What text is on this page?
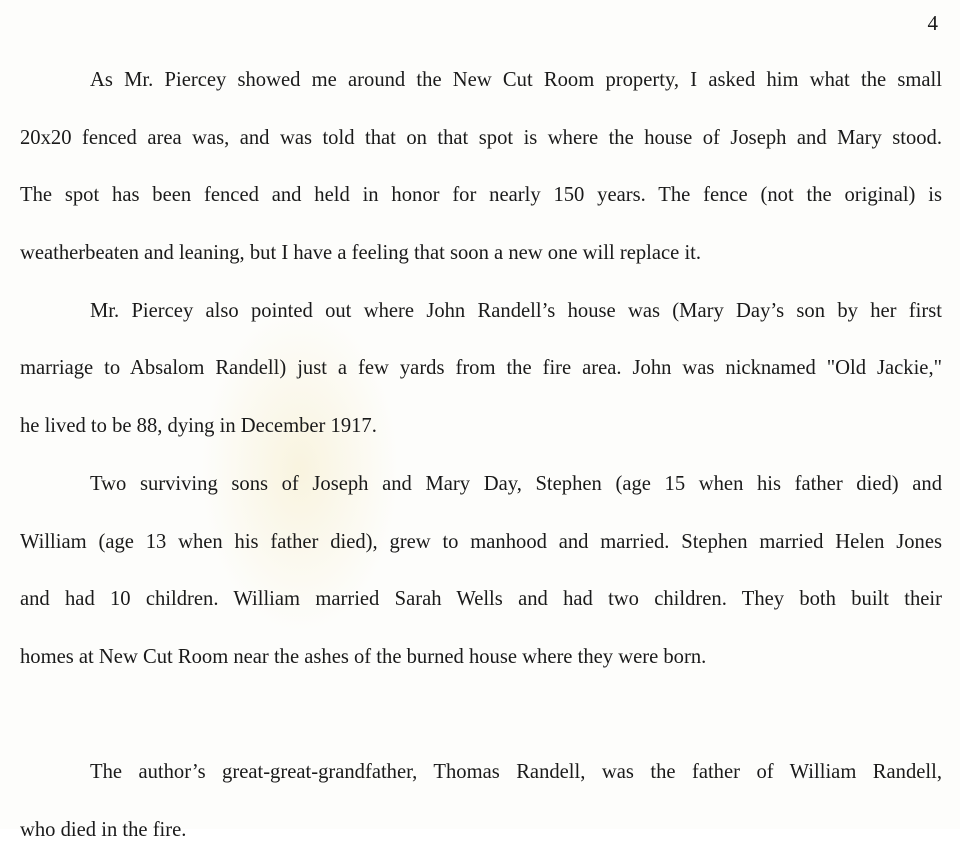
4
As Mr. Piercey showed me around the New Cut Room property, I asked him what the small
20x20 fenced area was, and was told that on that spot is where the house of Joseph and Mary stood.
The spot has been fenced and held in honor for nearly 150 years. The fence (not the original) is
weatherbeaten and leaning, but I have a feeling that soon a new one will replace it.
Mr. Piercey also pointed out where John Randell’s house was (Mary Day’s son by her first
marriage to Absalom Randell) just a few yards from the fire area. John was nicknamed "Old Jackie,"
he lived to be 88, dying in December 1917.
Two surviving sons of Joseph and Mary Day, Stephen (age 15 when his father died) and
William (age 13 when his father died), grew to manhood and married. Stephen married Helen Jones
and had 10 children. William married Sarah Wells and had two children. They both built their
homes at New Cut Room near the ashes of the burned house where they were born.
The author’s great-great-grandfather, Thomas Randell, was the father of William Randell,
who died in the fire.
